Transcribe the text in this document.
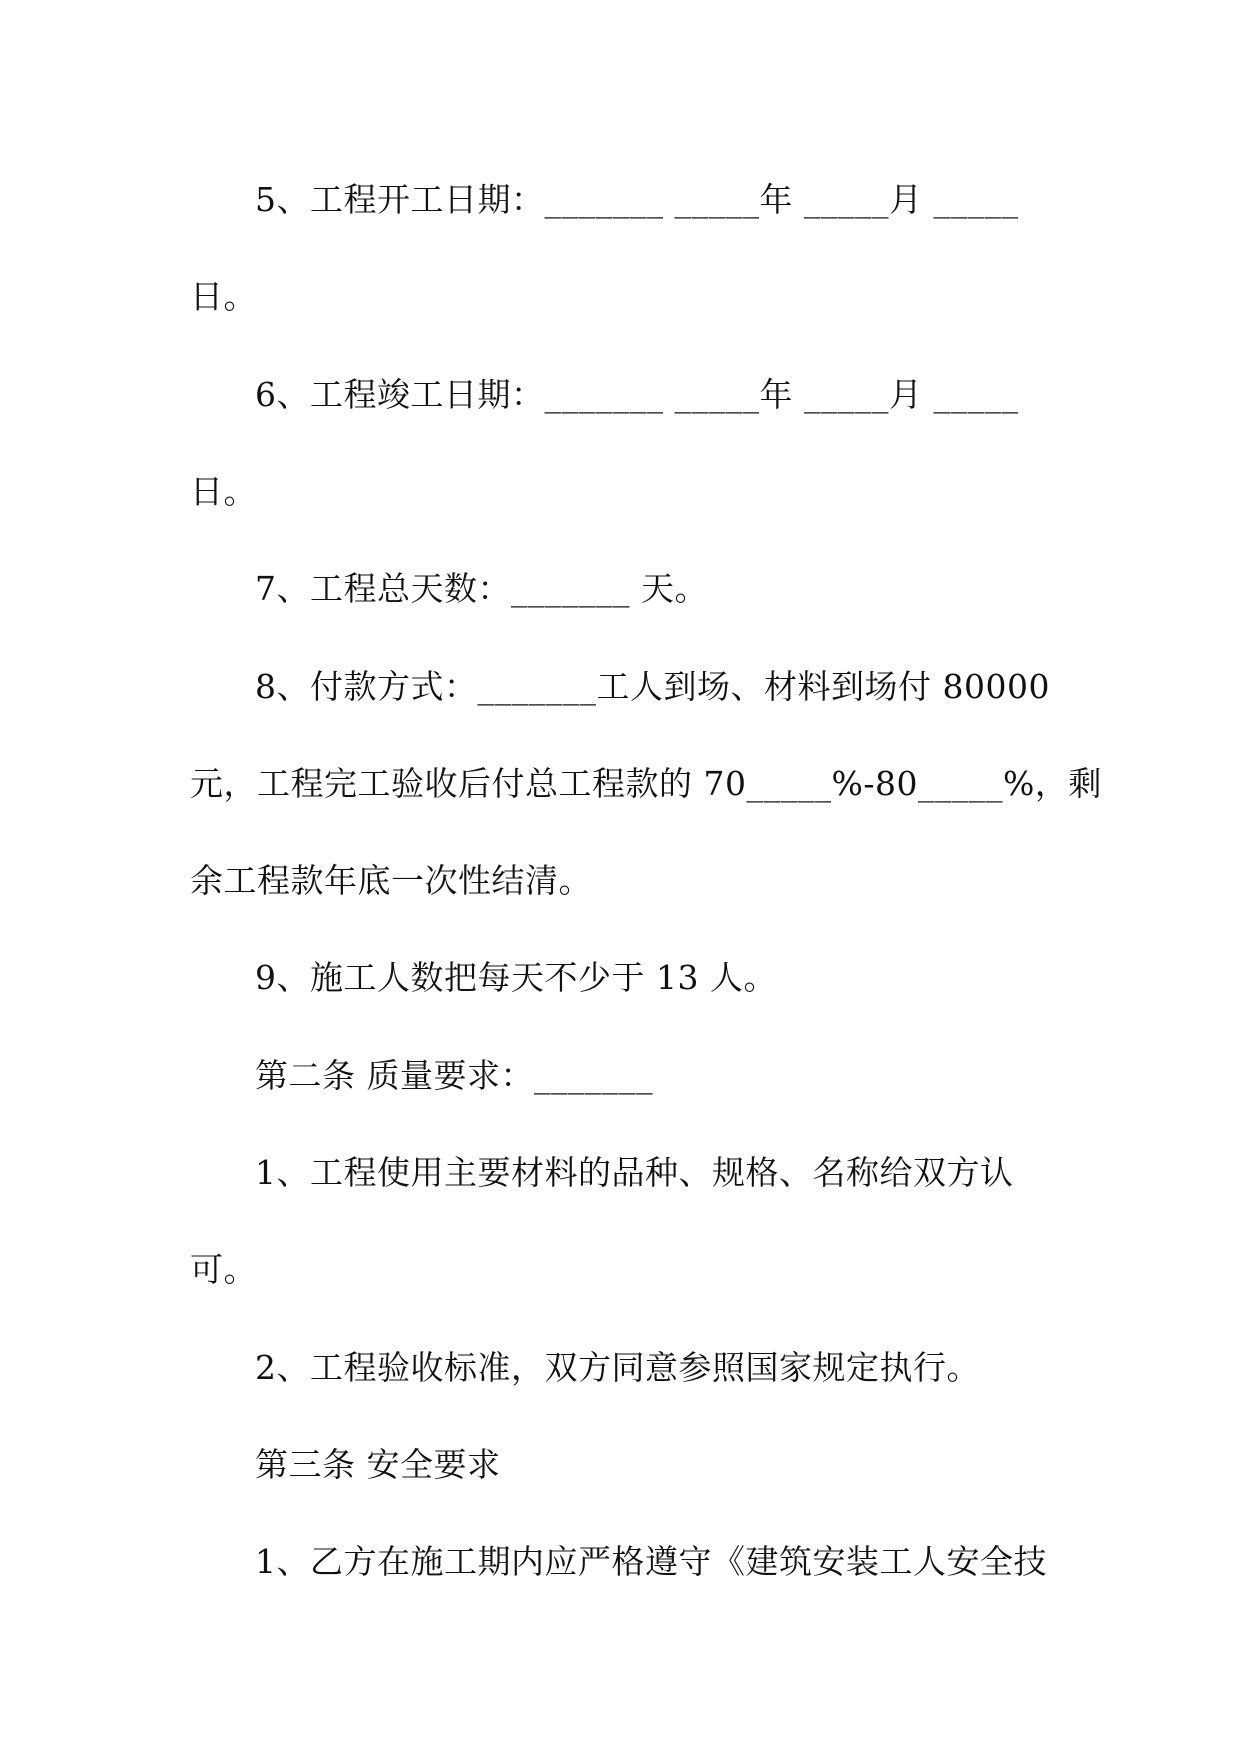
5、工程开工日期：_______ _____年 _____月 _____
日。
6、工程竣工日期：_______ _____年 _____月 _____
日。
7、工程总天数：_______ 天。
8、付款方式：_______工人到场、材料到场付 80000
元，工程完工验收后付总工程款的 70_____%-80_____%，剩
余工程款年底一次性结清。
9、施工人数把每天不少于 13 人。
第二条 质量要求：_______
1、工程使用主要材料的品种、规格、名称给双方认
可。
2、工程验收标准，双方同意参照国家规定执行。
第三条 安全要求
1、乙方在施工期内应严格遵守《建筑安装工人安全技
